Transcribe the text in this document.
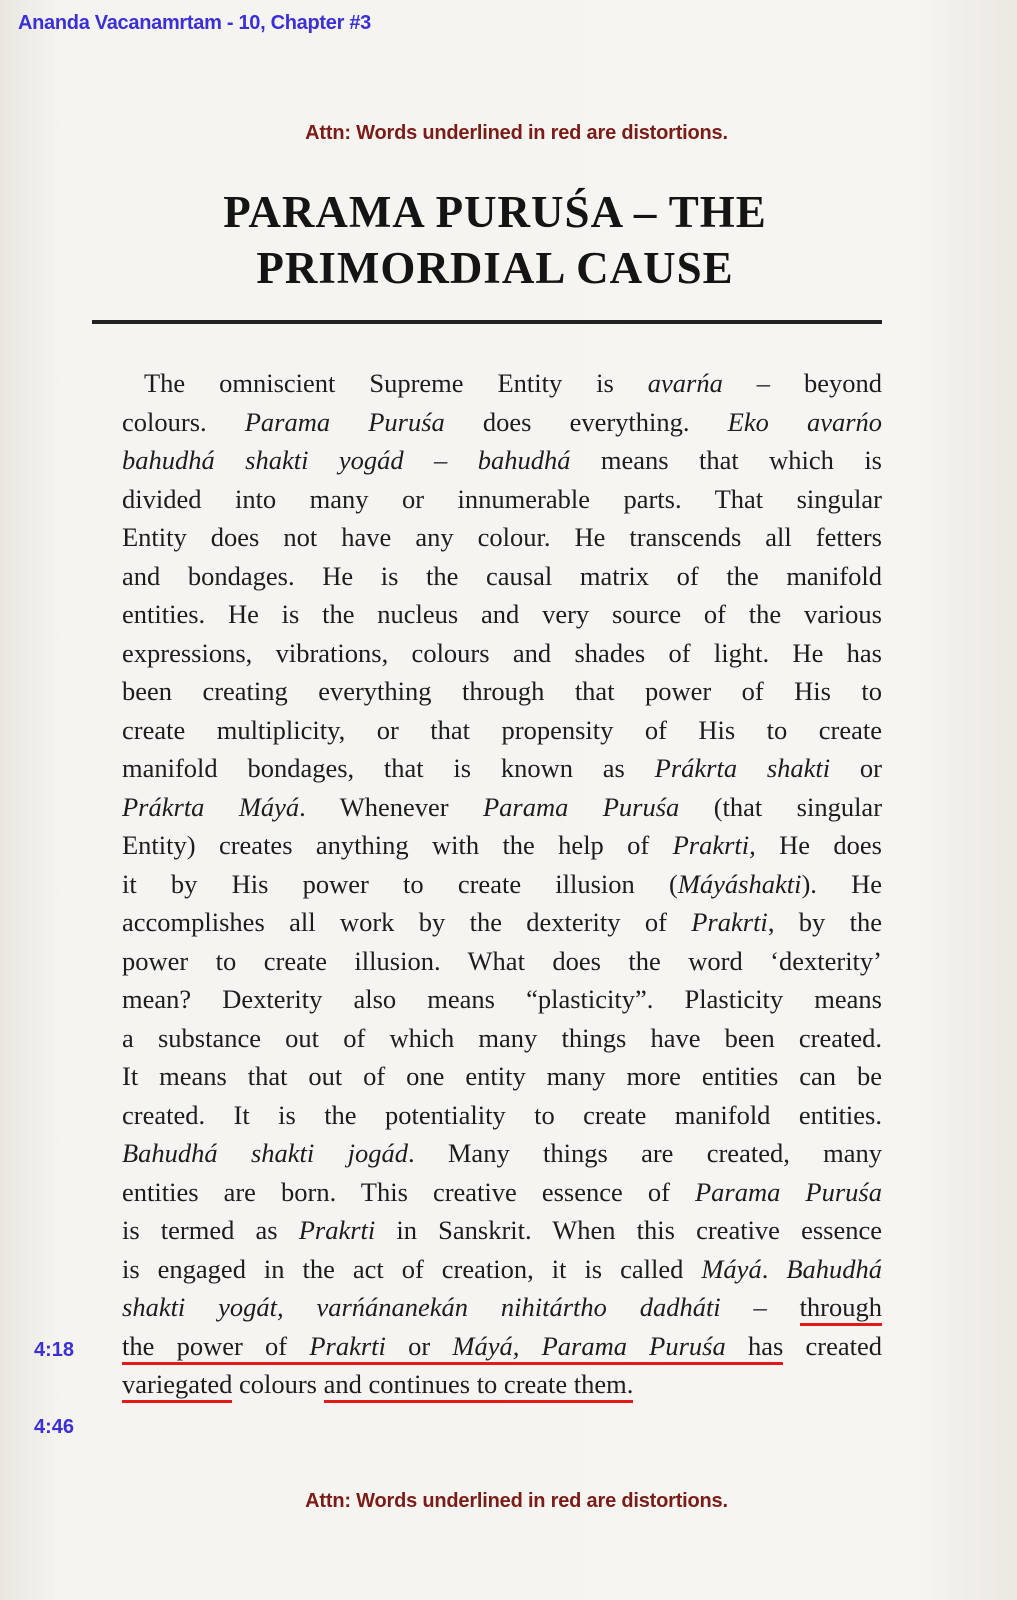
Ananda Vacanamrtam - 10, Chapter #3
Attn: Words underlined in red are distortions.
PARAMA PURUŚA – THE
PRIMORDIAL CAUSE
The omniscient Supreme Entity is avarńa – beyond
colours. Parama Puruśa does everything. Eko avarńo
bahudhá shakti yogád – bahudhá means that which is
divided into many or innumerable parts. That singular
Entity does not have any colour. He transcends all fetters
and bondages. He is the causal matrix of the manifold
entities. He is the nucleus and very source of the various
expressions, vibrations, colours and shades of light. He has
been creating everything through that power of His to
create multiplicity, or that propensity of His to create
manifold bondages, that is known as Prákrta shakti or
Prákrta Máyá. Whenever Parama Puruśa (that singular
Entity) creates anything with the help of Prakrti, He does
it by His power to create illusion (Máyáshakti). He
accomplishes all work by the dexterity of Prakrti, by the
power to create illusion. What does the word ‘dexterity’
mean? Dexterity also means “plasticity”. Plasticity means
a substance out of which many things have been created.
It means that out of one entity many more entities can be
created. It is the potentiality to create manifold entities.
Bahudhá shakti jogád. Many things are created, many
entities are born. This creative essence of Parama Puruśa
is termed as Prakrti in Sanskrit. When this creative essence
is engaged in the act of creation, it is called Máyá. Bahudhá
shakti yogát, varńánanekán nihitártho dadháti – through
the power of Prakrti or Máyá, Parama Puruśa has created
variegated colours and continues to create them.
4:18
4:46
Attn: Words underlined in red are distortions.
